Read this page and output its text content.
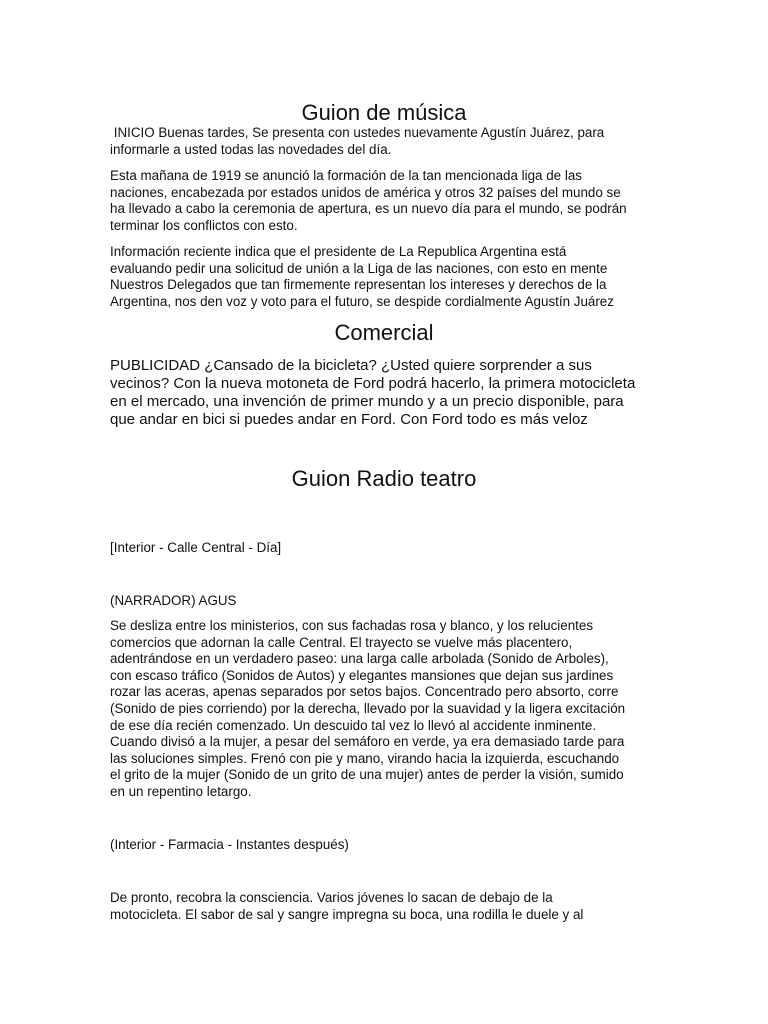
Guion de música

INICIO Buenas tardes, Se presenta con ustedes nuevamente Agustín Juárez, para
informarle a usted todas las novedades del día.

Esta mañana de 1919 se anunció la formación de la tan mencionada liga de las
naciones, encabezada por estados unidos de américa y otros 32 países del mundo se
ha llevado a cabo la ceremonia de apertura, es un nuevo día para el mundo, se podrán
terminar los conflictos con esto.

Información reciente indica que el presidente de La Republica Argentina está
evaluando pedir una solicitud de unión a la Liga de las naciones, con esto en mente
Nuestros Delegados que tan firmemente representan los intereses y derechos de la
Argentina, nos den voz y voto para el futuro, se despide cordialmente Agustín Juárez

Comercial

PUBLICIDAD ¿Cansado de la bicicleta? ¿Usted quiere sorprender a sus
vecinos? Con la nueva motoneta de Ford podrá hacerlo, la primera motocicleta
en el mercado, una invención de primer mundo y a un precio disponible, para
que andar en bici si puedes andar en Ford. Con Ford todo es más veloz

Guion Radio teatro

[Interior - Calle Central - Día]

(NARRADOR) AGUS

Se desliza entre los ministerios, con sus fachadas rosa y blanco, y los relucientes
comercios que adornan la calle Central. El trayecto se vuelve más placentero,
adentrándose en un verdadero paseo: una larga calle arbolada (Sonido de Arboles),
con escaso tráfico (Sonidos de Autos) y elegantes mansiones que dejan sus jardines
rozar las aceras, apenas separados por setos bajos. Concentrado pero absorto, corre
(Sonido de pies corriendo) por la derecha, llevado por la suavidad y la ligera excitación
de ese día recién comenzado. Un descuido tal vez lo llevó al accidente inminente.
Cuando divisó a la mujer, a pesar del semáforo en verde, ya era demasiado tarde para
las soluciones simples. Frenó con pie y mano, virando hacia la izquierda, escuchando
el grito de la mujer (Sonido de un grito de una mujer) antes de perder la visión, sumido
en un repentino letargo.

(Interior - Farmacia - Instantes después)

De pronto, recobra la consciencia. Varios jóvenes lo sacan de debajo de la
motocicleta. El sabor de sal y sangre impregna su boca, una rodilla le duele y al
